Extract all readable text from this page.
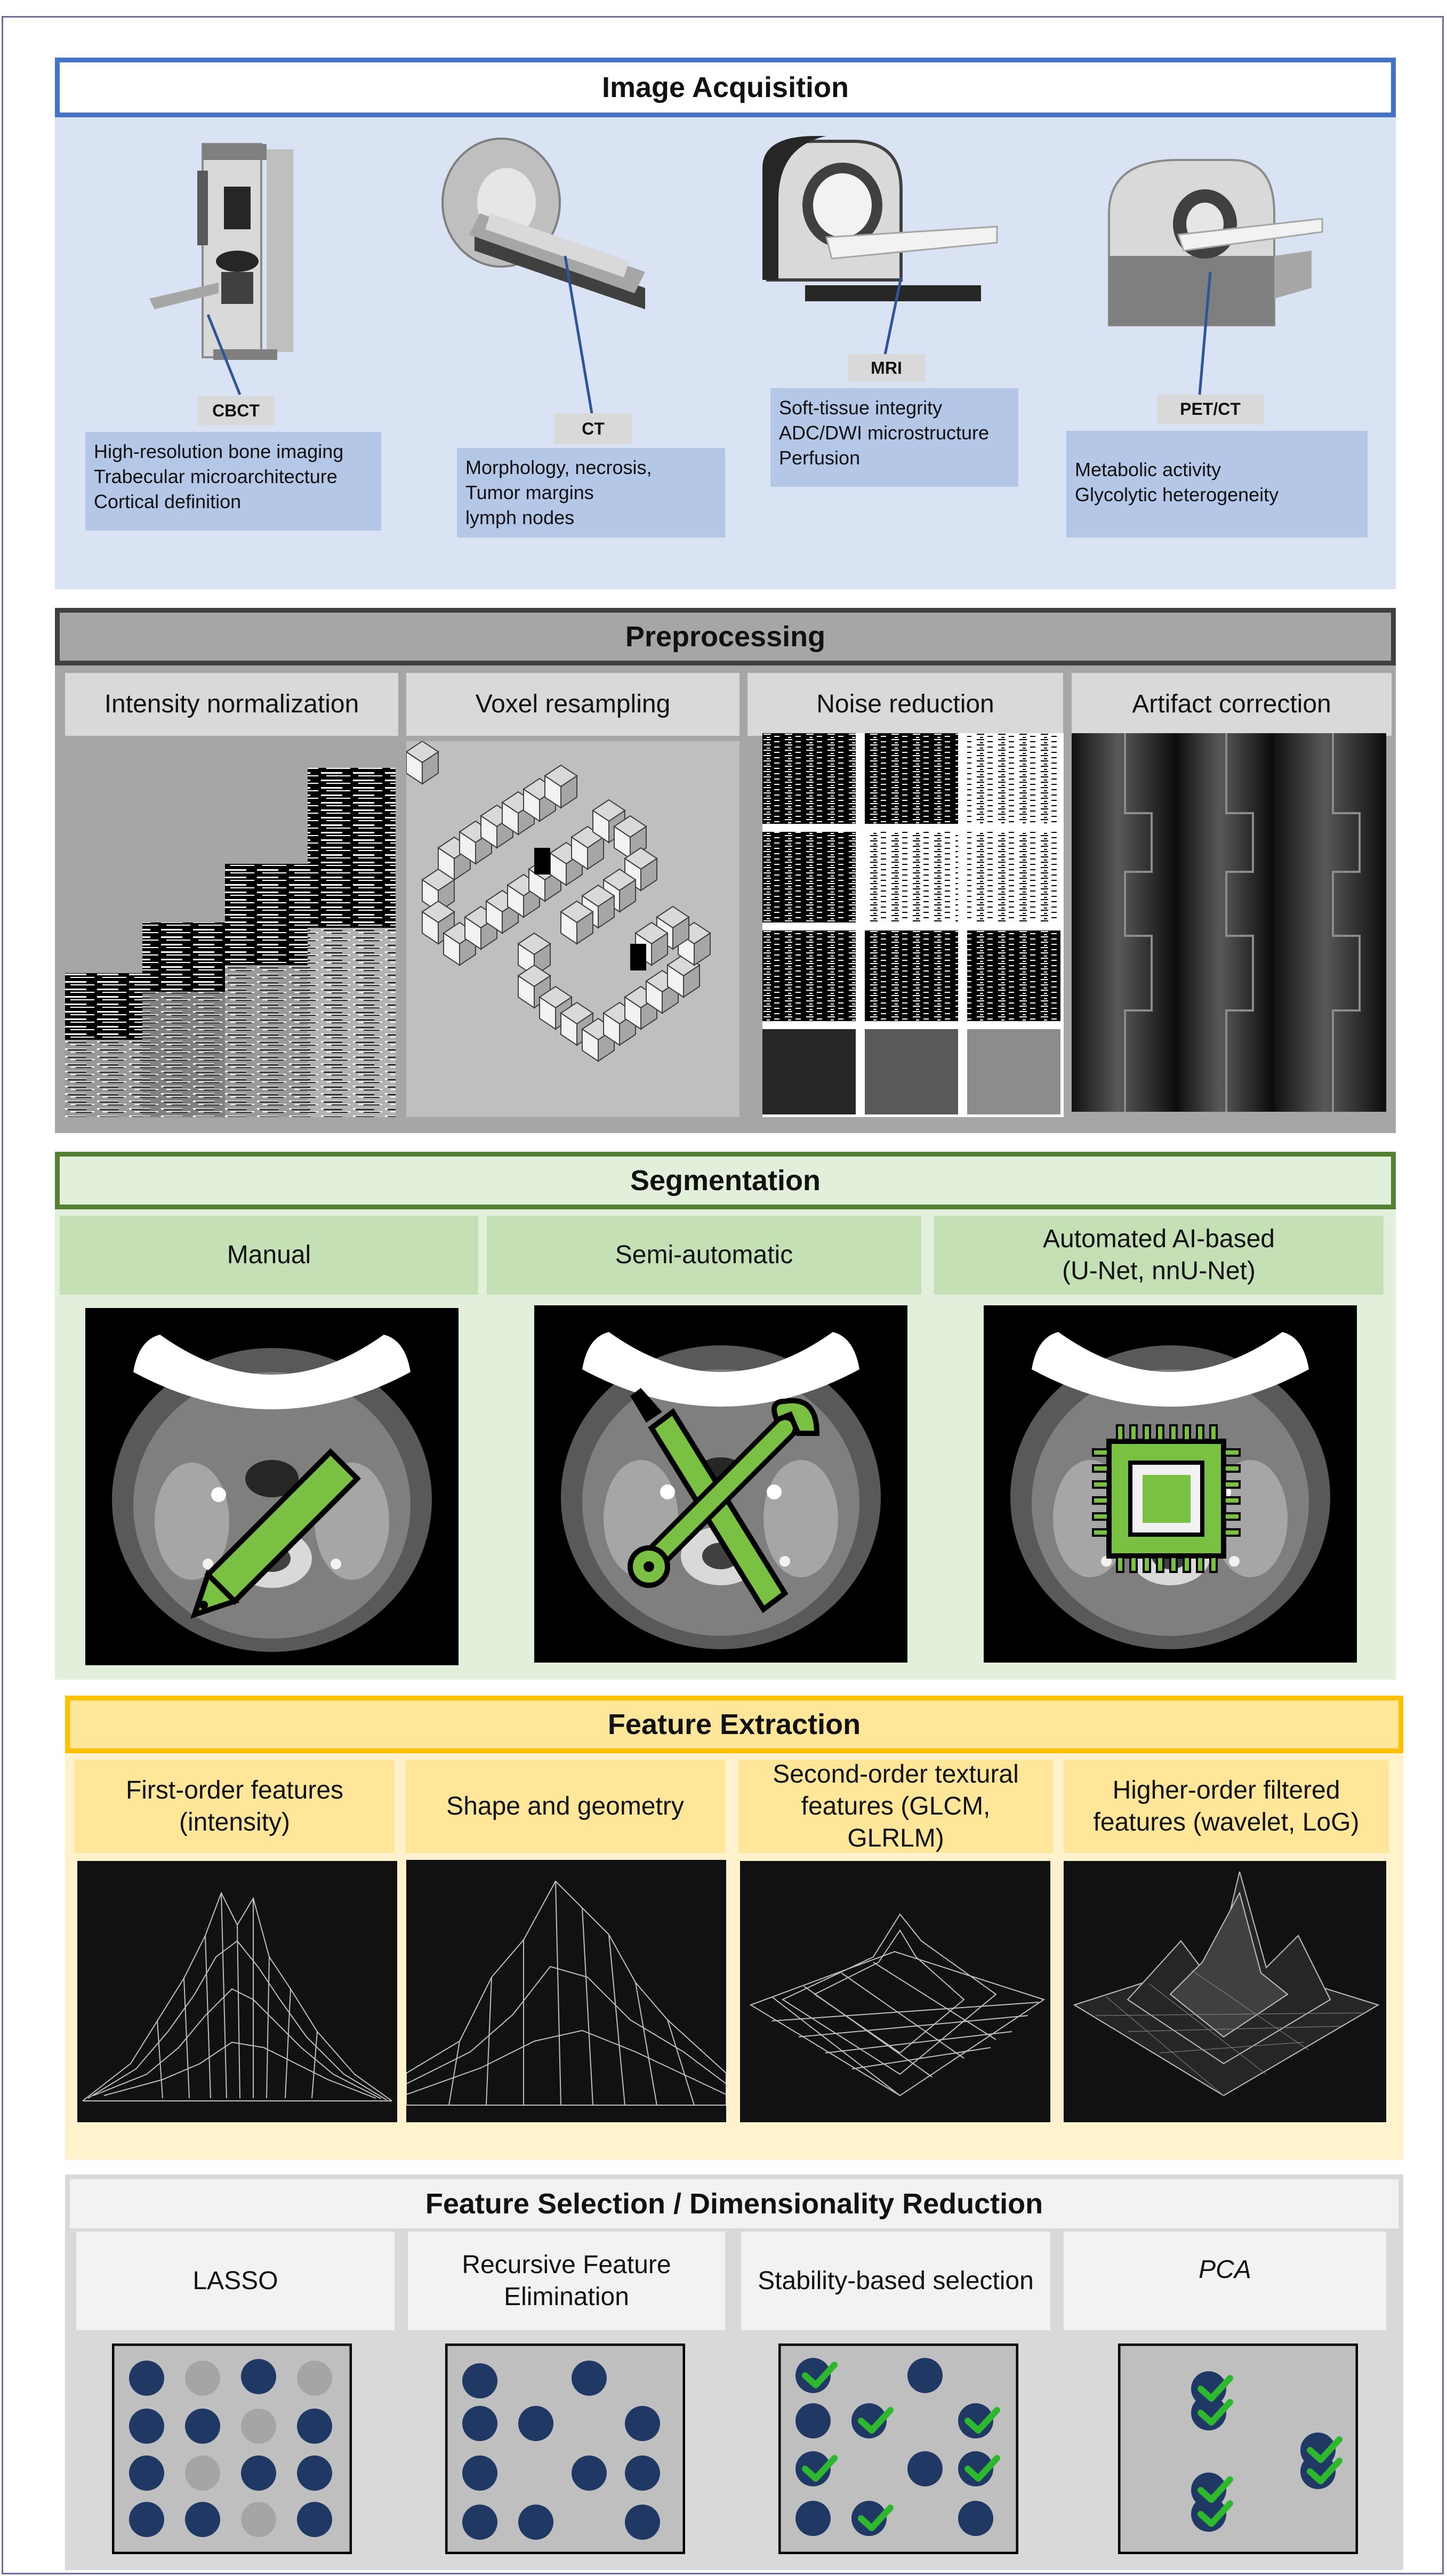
Image Acquisition
CBCT
High-resolution bone imaging
Trabecular microarchitecture
Cortical definition
CT
Morphology, necrosis,
Tumor margins
lymph nodes
MRI
Soft-tissue integrity
ADC/DWI microstructure
Perfusion
PET/CT
Metabolic activity
Glycolytic heterogeneity
Preprocessing
Intensity normalization	Voxel resampling	Noise reduction	Artifact correction
Segmentation
Manual	Semi-automatic
Automated AI-based
(U-Net, nnU-Net)
Feature Extraction
First-order features
(intensity)
Shape and geometry
Second-order textural
features (GLCM,
GLRLM)
Higher-order filtered
features (wavelet, LoG)
Feature Selection / Dimensionality Reduction
LASSO
Recursive Feature
Elimination
Stability-based selection	PCA
